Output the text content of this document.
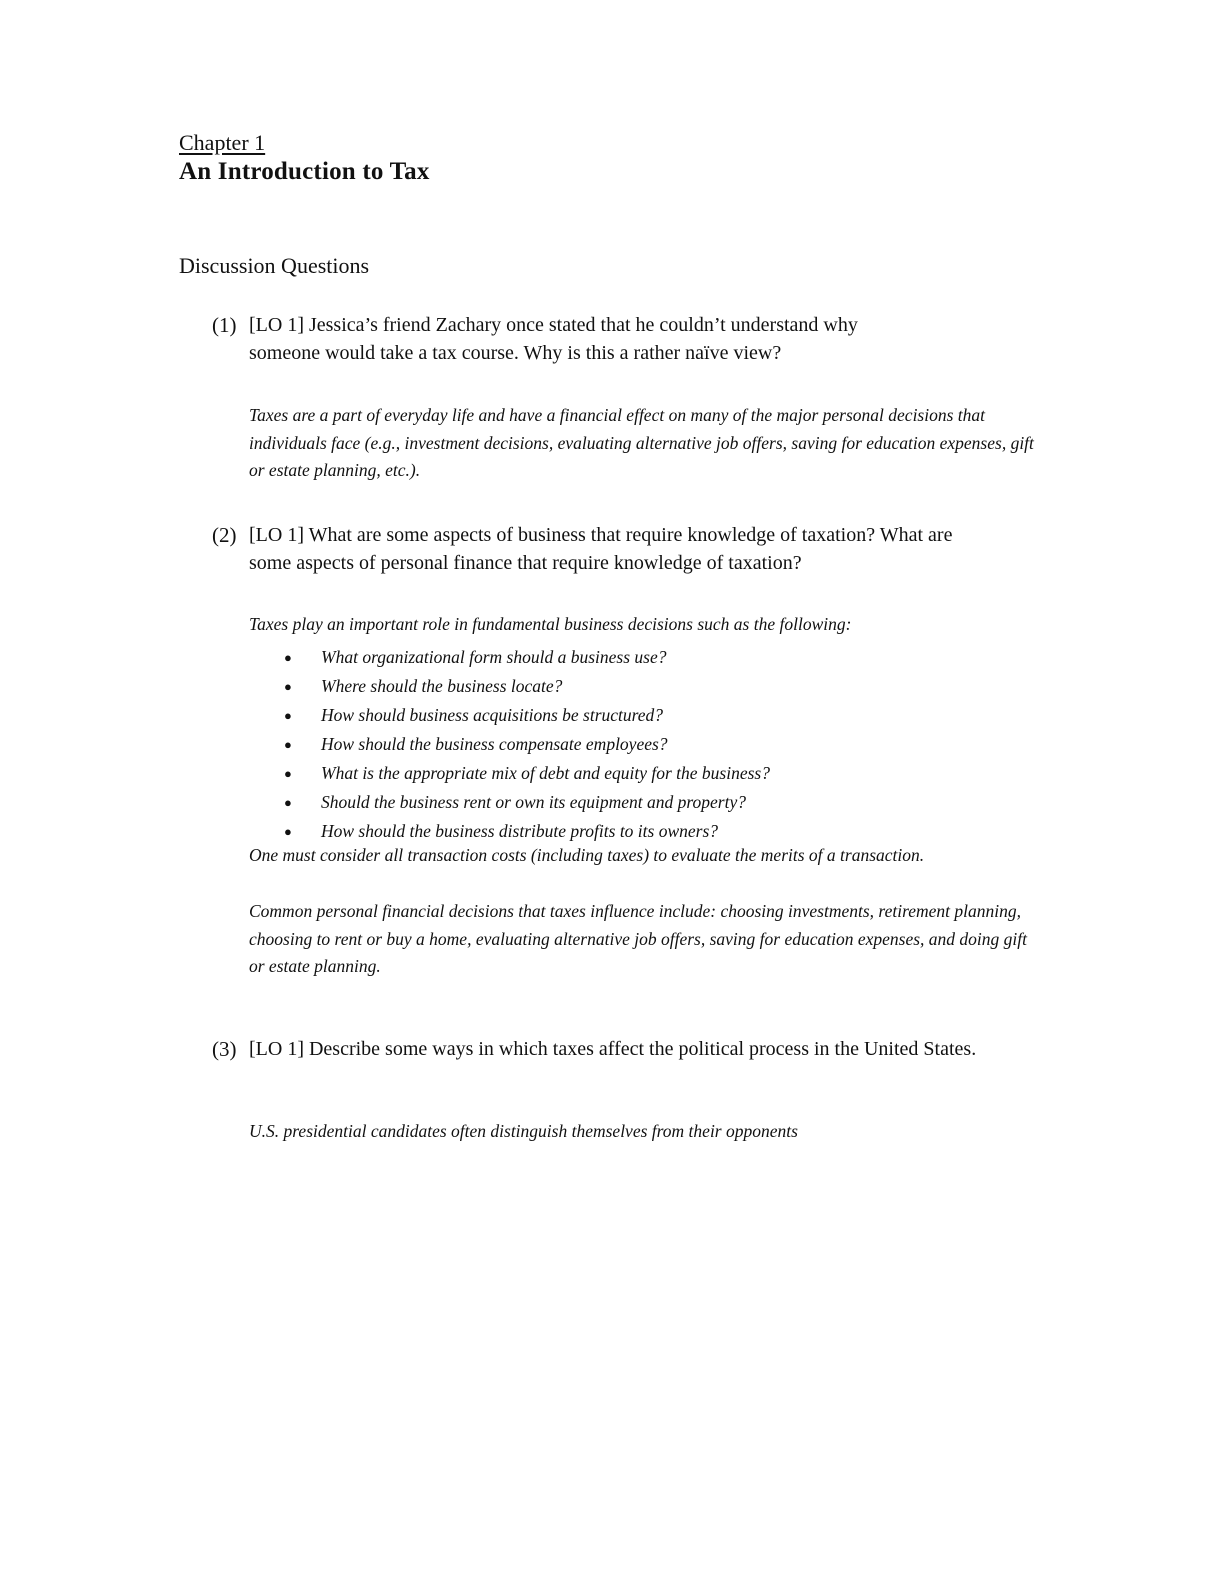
Chapter 1
An Introduction to Tax
Discussion Questions
(1) [LO 1] Jessica’s friend Zachary once stated that he couldn’t understand why someone would take a tax course. Why is this a rather naïve view?
Taxes are a part of everyday life and have a financial effect on many of the major personal decisions that individuals face (e.g., investment decisions, evaluating alternative job offers, saving for education expenses, gift or estate planning, etc.).
(2) [LO 1] What are some aspects of business that require knowledge of taxation? What are some aspects of personal finance that require knowledge of taxation?
Taxes play an important role in fundamental business decisions such as the following:
● What organizational form should a business use?
● Where should the business locate?
● How should business acquisitions be structured?
● How should the business compensate employees?
● What is the appropriate mix of debt and equity for the business?
● Should the business rent or own its equipment and property?
● How should the business distribute profits to its owners?
One must consider all transaction costs (including taxes) to evaluate the merits of a transaction.
Common personal financial decisions that taxes influence include: choosing investments, retirement planning, choosing to rent or buy a home, evaluating alternative job offers, saving for education expenses, and doing gift or estate planning.
(3) [LO 1] Describe some ways in which taxes affect the political process in the United States.
U.S. presidential candidates often distinguish themselves from their opponents
